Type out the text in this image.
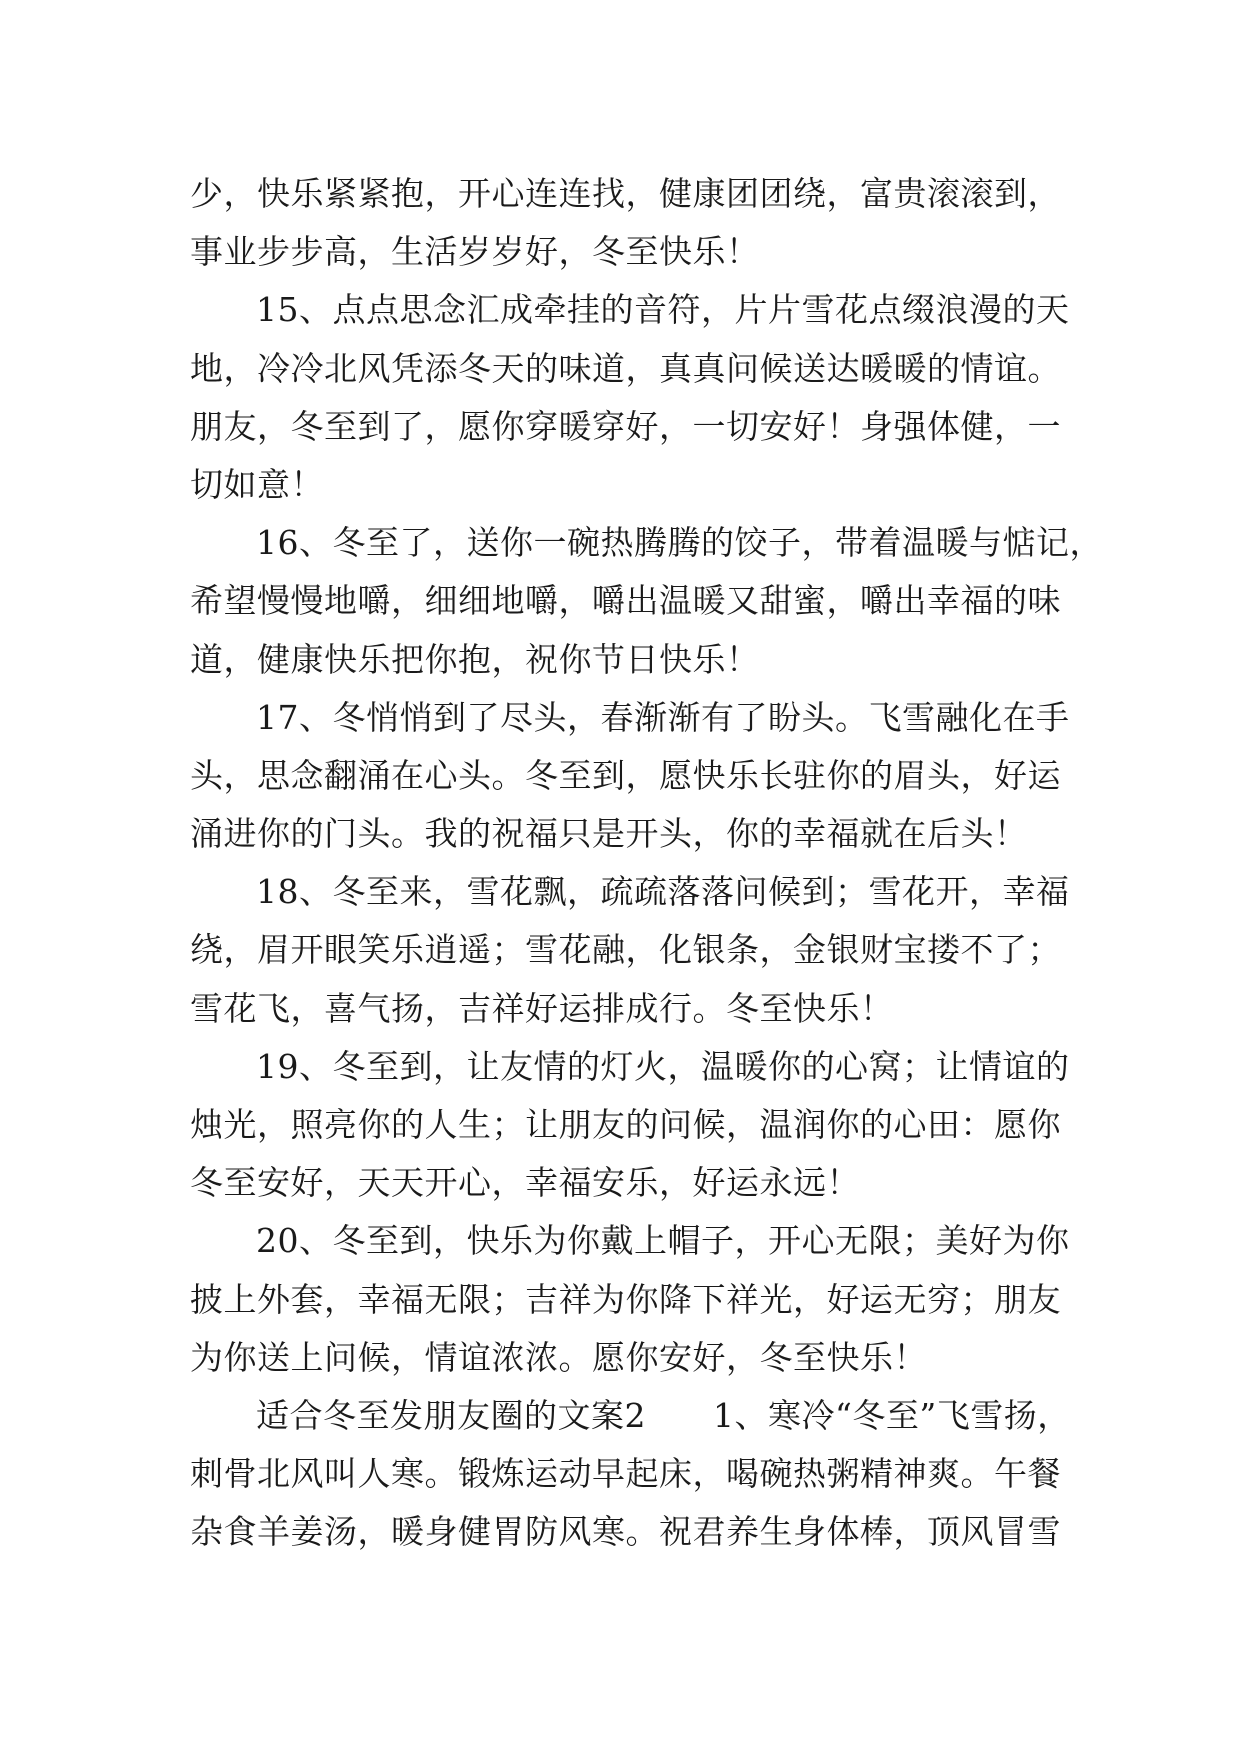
少，快乐紧紧抱，开心连连找，健康团团绕，富贵滚滚到，
事业步步高，生活岁岁好，冬至快乐！
15、点点思念汇成牵挂的音符，片片雪花点缀浪漫的天
地，冷冷北风凭添冬天的味道，真真问候送达暖暖的情谊。
朋友，冬至到了，愿你穿暖穿好，一切安好！身强体健，一
切如意！
16、冬至了，送你一碗热腾腾的饺子，带着温暖与惦记，
希望慢慢地嚼，细细地嚼，嚼出温暖又甜蜜，嚼出幸福的味
道，健康快乐把你抱，祝你节日快乐！
17、冬悄悄到了尽头，春渐渐有了盼头。飞雪融化在手
头，思念翻涌在心头。冬至到，愿快乐长驻你的眉头，好运
涌进你的门头。我的祝福只是开头，你的幸福就在后头！
18、冬至来，雪花飘，疏疏落落问候到；雪花开，幸福
绕，眉开眼笑乐逍遥；雪花融，化银条，金银财宝搂不了；
雪花飞，喜气扬，吉祥好运排成行。冬至快乐！
19、冬至到，让友情的灯火，温暖你的心窝；让情谊的
烛光，照亮你的人生；让朋友的问候，温润你的心田：愿你
冬至安好，天天开心，幸福安乐，好运永远！
20、冬至到，快乐为你戴上帽子，开心无限；美好为你
披上外套，幸福无限；吉祥为你降下祥光，好运无穷；朋友
为你送上问候，情谊浓浓。愿你安好，冬至快乐！
适合冬至发朋友圈的文案2　　1、寒冷“冬至”飞雪扬，
刺骨北风叫人寒。锻炼运动早起床，喝碗热粥精神爽。午餐
杂食羊姜汤，暖身健胃防风寒。祝君养生身体棒，顶风冒雪
